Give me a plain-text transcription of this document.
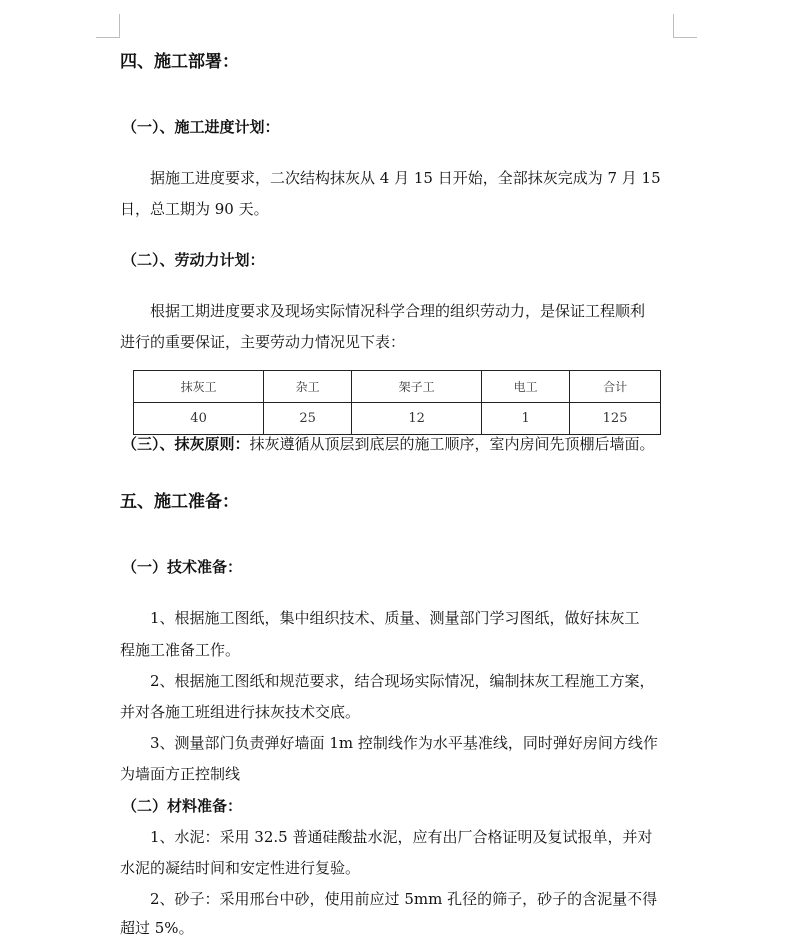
四、施工部署：
（一）、施工进度计划：
据施工进度要求，二次结构抹灰从 4 月 15 日开始，全部抹灰完成为 7 月 15
日，总工期为 90 天。
（二）、劳动力计划：
根据工期进度要求及现场实际情况科学合理的组织劳动力，是保证工程顺利
进行的重要保证，主要劳动力情况见下表：
抹灰工	杂工	架子工	电工	合计
40	25	12	1	125
（三）、抹灰原则：抹灰遵循从顶层到底层的施工顺序，室内房间先顶棚后墙面。
五、施工准备：
（一）技术准备：
1、根据施工图纸，集中组织技术、质量、测量部门学习图纸，做好抹灰工
程施工准备工作。
2、根据施工图纸和规范要求，结合现场实际情况，编制抹灰工程施工方案，
并对各施工班组进行抹灰技术交底。
3、测量部门负责弹好墙面 1m 控制线作为水平基准线，同时弹好房间方线作
为墙面方正控制线
（二）材料准备：
1、水泥：采用 32.5 普通硅酸盐水泥，应有出厂合格证明及复试报单，并对
水泥的凝结时间和安定性进行复验。
2、砂子：采用邢台中砂，使用前应过 5mm 孔径的筛子，砂子的含泥量不得
超过 5%。
